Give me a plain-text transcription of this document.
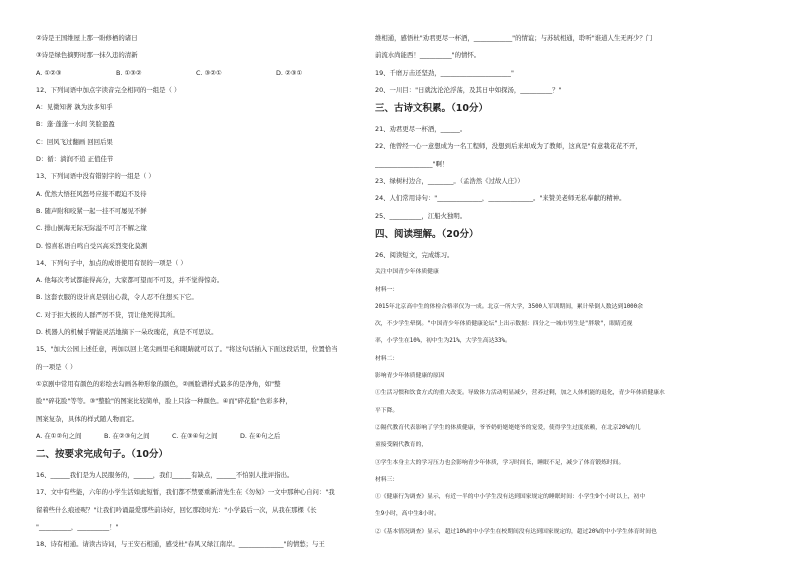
②诗是王国维屋上那一盼修栖的诸日
③诗是绿色摘野时那一抹久违的清新
A. ①②③	B. ①③②	C. ③②①	D. ②③①
12、下列词语中加点字读音完全相同的一组是（ ）
A：见微知著 孰为汝多知乎
B：蓬·蓬蓬一水间 笑脸盈盈
C：回风飞过翻画 回回后果
D：循：淌润不追 正值佳节
13、下列词语中没有错别字的一组是（ ）
A. 优然大悟狂风怒号应接不暇迫不及待
B. 随声附和咬紧一起一挂不可屡见不鲜
C. 排山倒海无际无际溢不可言不解之缘
D. 惊喜私语自鸣自受兴高采烈变化莫测
14、下列句子中，加点的成语使用有误的一项是（ ）
A. 他每次考试都能得高分，大家都可望而不可及，并不觉得惊奇。
B. 这套衣服的设计真是别出心裁，令人忍不住想买下它。
C. 对于拒大极的人群严厉不贷，罚让他死得其所。
D. 机器人的机械手臂能灵活地摘下一朵玫瑰花，真是不可思议。
15、"加大公园上述任意，再加以回上笔尖画里毛和眼睛就可以了。"将这句话插入下面这段话里，位置恰当
的一项是（ ）
①京剧中常用有颜色的彩绘去勾画各种形象的颜色，②画脸谱样式最多的是净角，如"整
脸""碎花脸"等等。③"整脸"的图案比较简单，脸上只涂一种颜色。④而"碎花脸"色彩多种，
图案复杂，具体的样式随人物而定。
A. 在①②句之间	B. 在②③句之间	C. 在③④句之间	D. 在④句之后
二、按要求完成句子。（10分）
16、______我们是为人民服务的，______，我们______有缺点，______不怕别人批评指出。
17、文中有些能，六年的小学生活如此短暂，我们都不禁要重新清先生在《勿匆》一文中那种心自问："我
留着些什么痕迹呢？"让我们吟诵最爱那些前诗好，回忆那段时光："小学最后一次，从我在那棵《长
"__________，__________！"
18、诗有相通。请读古诗词，与王安石相通，感受杜"春风又绿江南岸。______________"的情愁；与王
维相通，感悟杜"劝君更尽一杯酒，____________"的情谊；与苏轼相通，聆听"谁道人生无再少？门
前流水尚能西！__________"的情怀。
19、千磨万击还坚劲，______________________"
20、一川目："日就沈沦沦浮荡，及其日中如探汤，__________？"
三、古诗文积累。（10分）
21、劝君更尽一杯酒，______。
22、他曾经一心一意想成为一名工程师，没想到后来却成为了教师，这真是"有意栽花花不开，
__________________"啊！
23、绿树村边合，________。（孟浩然《过故人庄》）
24、人们常用诗句："______________，______________。"来赞美老师无私奉献的精神。
25、__________，江船火独明。
四、阅读理解。（20分）
26、阅读短文，完成练习。
关注中国青少年体质健康
材料一：
2015年北京高中生的体检合格率仅为一成。北京一所大学，3500人军训期间，累计晕倒人数达到1000余
次，不少学生晕倒。"中国青少年体质健康论坛"上出示数据：四分之一城市男生是"胖墩"，眼睛近视
率，小学生在10%，初中生为21%，大学生高达33%。
材料二：
影响青少年体质健康的原因
①生活习惯和饮食方式的重大改变。导致体力活动明显减少，营养过剩，加之人体机能的退化，青少年体质健康水
平下降。
②隔代教育代表影响了学生的体质健康，爷爷奶奶姥姥姥爷的宠爱，使得学生过度依赖，在北京20%的儿
童接受隔代教育的，
③学生本身主大的学习压力也会影响青少年体质，学习时间长，睡眠不足，减少了体育锻炼时间。
材料三：
①《健康行为调查》显示，有近一半的中小学生没有达到国家规定的睡眠时间：小学生9个小时以上，初中
生9小时，高中生8小时。
②《基本情况调查》显示，超过10%的中小学生在校期间没有达到国家规定的，超过20%的中小学生体育时间也
